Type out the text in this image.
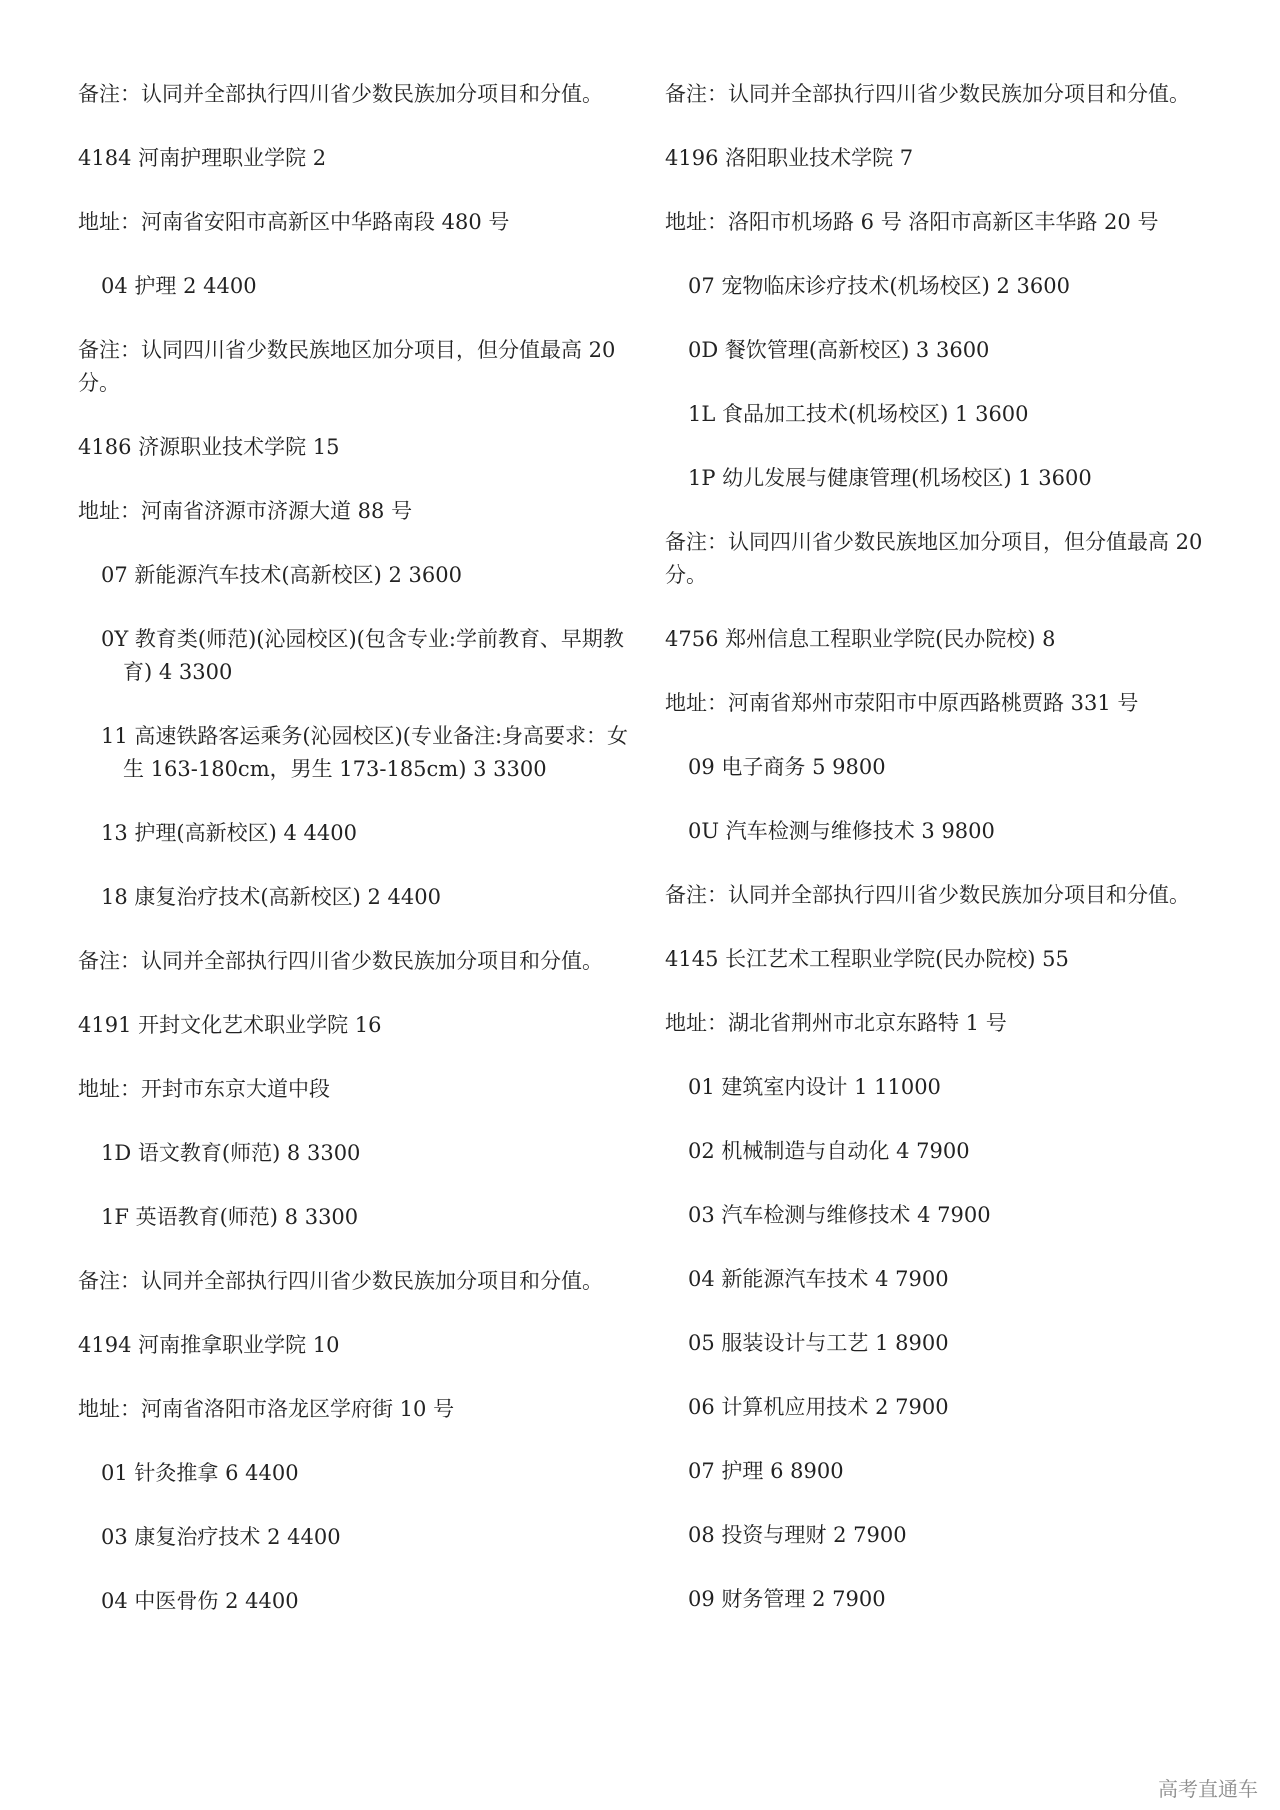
备注：认同并全部执行四川省少数民族加分项目和分值。

4184 河南护理职业学院 2

地址：河南省安阳市高新区中华路南段 480 号

04 护理 2 4400

备注：认同四川省少数民族地区加分项目，但分值最高 20 分。

4186 济源职业技术学院 15

地址：河南省济源市济源大道 88 号

07 新能源汽车技术(高新校区) 2 3600

0Y 教育类(师范)(沁园校区)(包含专业:学前教育、早期教育) 4 3300

11 高速铁路客运乘务(沁园校区)(专业备注:身高要求：女生 163-180cm，男生 173-185cm) 3 3300

13 护理(高新校区) 4 4400

18 康复治疗技术(高新校区) 2 4400

备注：认同并全部执行四川省少数民族加分项目和分值。

4191 开封文化艺术职业学院 16

地址：开封市东京大道中段

1D 语文教育(师范) 8 3300

1F 英语教育(师范) 8 3300

备注：认同并全部执行四川省少数民族加分项目和分值。

4194 河南推拿职业学院 10

地址：河南省洛阳市洛龙区学府街 10 号

01 针灸推拿 6 4400

03 康复治疗技术 2 4400

04 中医骨伤 2 4400

备注：认同并全部执行四川省少数民族加分项目和分值。

4196 洛阳职业技术学院 7

地址：洛阳市机场路 6 号 洛阳市高新区丰华路 20 号

07 宠物临床诊疗技术(机场校区) 2 3600

0D 餐饮管理(高新校区) 3 3600

1L 食品加工技术(机场校区) 1 3600

1P 幼儿发展与健康管理(机场校区) 1 3600

备注：认同四川省少数民族地区加分项目，但分值最高 20 分。

4756 郑州信息工程职业学院(民办院校) 8

地址：河南省郑州市荥阳市中原西路桃贾路 331 号

09 电子商务 5 9800

0U 汽车检测与维修技术 3 9800

备注：认同并全部执行四川省少数民族加分项目和分值。

4145 长江艺术工程职业学院(民办院校) 55

地址：湖北省荆州市北京东路特 1 号

01 建筑室内设计 1 11000

02 机械制造与自动化 4 7900

03 汽车检测与维修技术 4 7900

04 新能源汽车技术 4 7900

05 服装设计与工艺 1 8900

06 计算机应用技术 2 7900

07 护理 6 8900

08 投资与理财 2 7900

09 财务管理 2 7900

高考直通车
